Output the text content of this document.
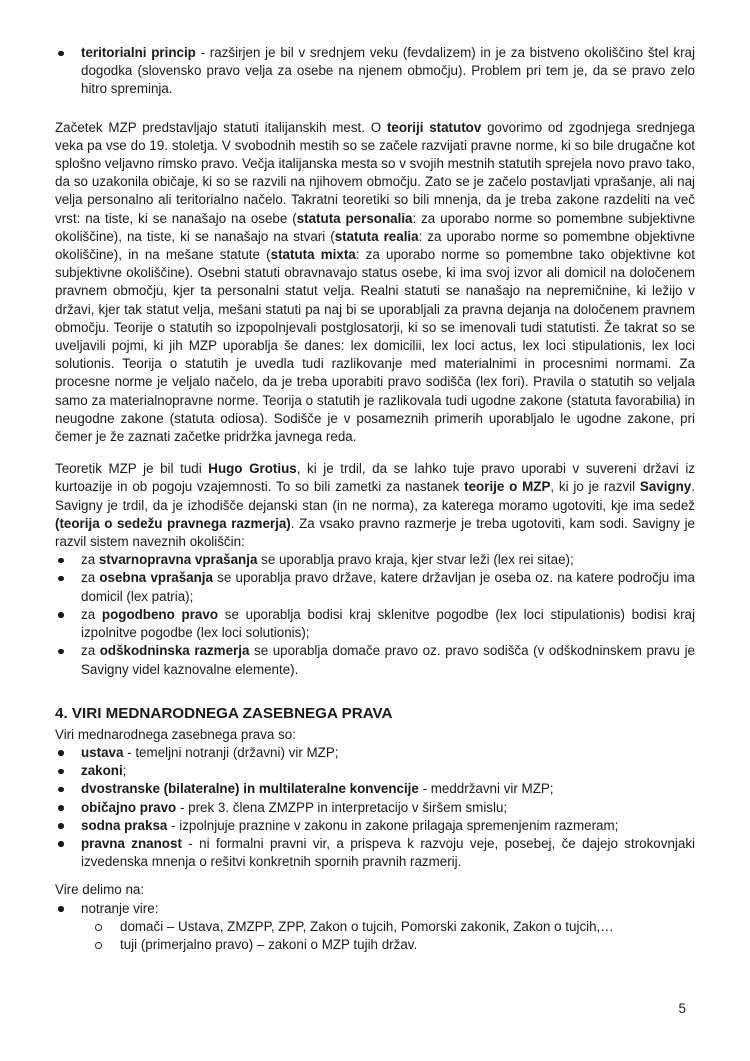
teritorialni princip - razširjen je bil v srednjem veku (fevdalizem) in je za bistveno okoliščino štel kraj dogodka (slovensko pravo velja za osebe na njenem območju). Problem pri tem je, da se pravo zelo hitro spreminja.

Začetek MZP predstavljajo statuti italijanskih mest. O teoriji statutov govorimo od zgodnjega srednjega veka pa vse do 19. stoletja. V svobodnih mestih so se začele razvijati pravne norme, ki so bile drugačne kot splošno veljavno rimsko pravo. Večja italijanska mesta so v svojih mestnih statutih sprejela novo pravo tako, da so uzakonila običaje, ki so se razvili na njihovem območju. Zato se je začelo postavljati vprašanje, ali naj velja personalno ali teritorialno načelo. Takratni teoretiki so bili mnenja, da je treba zakone razdeliti na več vrst: na tiste, ki se nanašajo na osebe (statuta personalia: za uporabo norme so pomembne subjektivne okoliščine), na tiste, ki se nanašajo na stvari (statuta realia: za uporabo norme so pomembne objektivne okoliščine), in na mešane statute (statuta mixta: za uporabo norme so pomembne tako objektivne kot subjektivne okoliščine). Osebni statuti obravnavajo status osebe, ki ima svoj izvor ali domicil na določenem pravnem območju, kjer ta personalni statut velja. Realni statuti se nanašajo na nepremičnine, ki ležijo v državi, kjer tak statut velja, mešani statuti pa naj bi se uporabljali za pravna dejanja na določenem pravnem območju. Teorije o statutih so izpopolnjevali postglosatorji, ki so se imenovali tudi statutisti. Že takrat so se uveljavili pojmi, ki jih MZP uporablja še danes: lex domicilii, lex loci actus, lex loci stipulationis, lex loci solutionis. Teorija o statutih je uvedla tudi razlikovanje med materialnimi in procesnimi normami. Za procesne norme je veljalo načelo, da je treba uporabiti pravo sodišča (lex fori). Pravila o statutih so veljala samo za materialnopravne norme. Teorija o statutih je razlikovala tudi ugodne zakone (statuta favorabilia) in neugodne zakone (statuta odiosa). Sodišče je v posameznih primerih uporabljalo le ugodne zakone, pri čemer je že zaznati začetke pridržka javnega reda.

Teoretik MZP je bil tudi Hugo Grotius, ki je trdil, da se lahko tuje pravo uporabi v suvereni državi iz kurtoazije in ob pogoju vzajemnosti. To so bili zametki za nastanek teorije o MZP, ki jo je razvil Savigny. Savigny je trdil, da je izhodišče dejanski stan (in ne norma), za katerega moramo ugotoviti, kje ima sedež (teorija o sedežu pravnega razmerja). Za vsako pravno razmerje je treba ugotoviti, kam sodi. Savigny je razvil sistem naveznih okoliščin:

za stvarnopravna vprašanja se uporablja pravo kraja, kjer stvar leži (lex rei sitae);
za osebna vprašanja se uporablja pravo države, katere državljan je oseba oz. na katere področju ima domicil (lex patria);
za pogodbeno pravo se uporablja bodisi kraj sklenitve pogodbe (lex loci stipulationis) bodisi kraj izpolnitve pogodbe (lex loci solutionis);
za odškodninska razmerja se uporablja domače pravo oz. pravo sodišča (v odškodninskem pravu je Savigny videl kaznovalne elemente).
4. VIRI MEDNARODNEGA ZASEBNEGA PRAVA

Viri mednarodnega zasebnega prava so:

ustava - temeljni notranji (državni) vir MZP;
zakoni;
dvostranske (bilateralne) in multilateralne konvencije - meddržavni vir MZP;
običajno pravo - prek 3. člena ZMZPP in interpretacijo v širšem smislu;
sodna praksa - izpolnjuje praznine v zakonu in zakone prilagaja spremenjenim razmeram;
pravna znanost - ni formalni pravni vir, a prispeva k razvoju veje, posebej, če dajejo strokovnjaki izvedenska mnenja o rešitvi konkretnih spornih pravnih razmerij.

Vire delimo na:

notranje vire:
domači – Ustava, ZMZPP, ZPP, Zakon o tujcih, Pomorski zakonik, Zakon o tujcih,…
tuji (primerjalno pravo) – zakoni o MZP tujih držav.
5
